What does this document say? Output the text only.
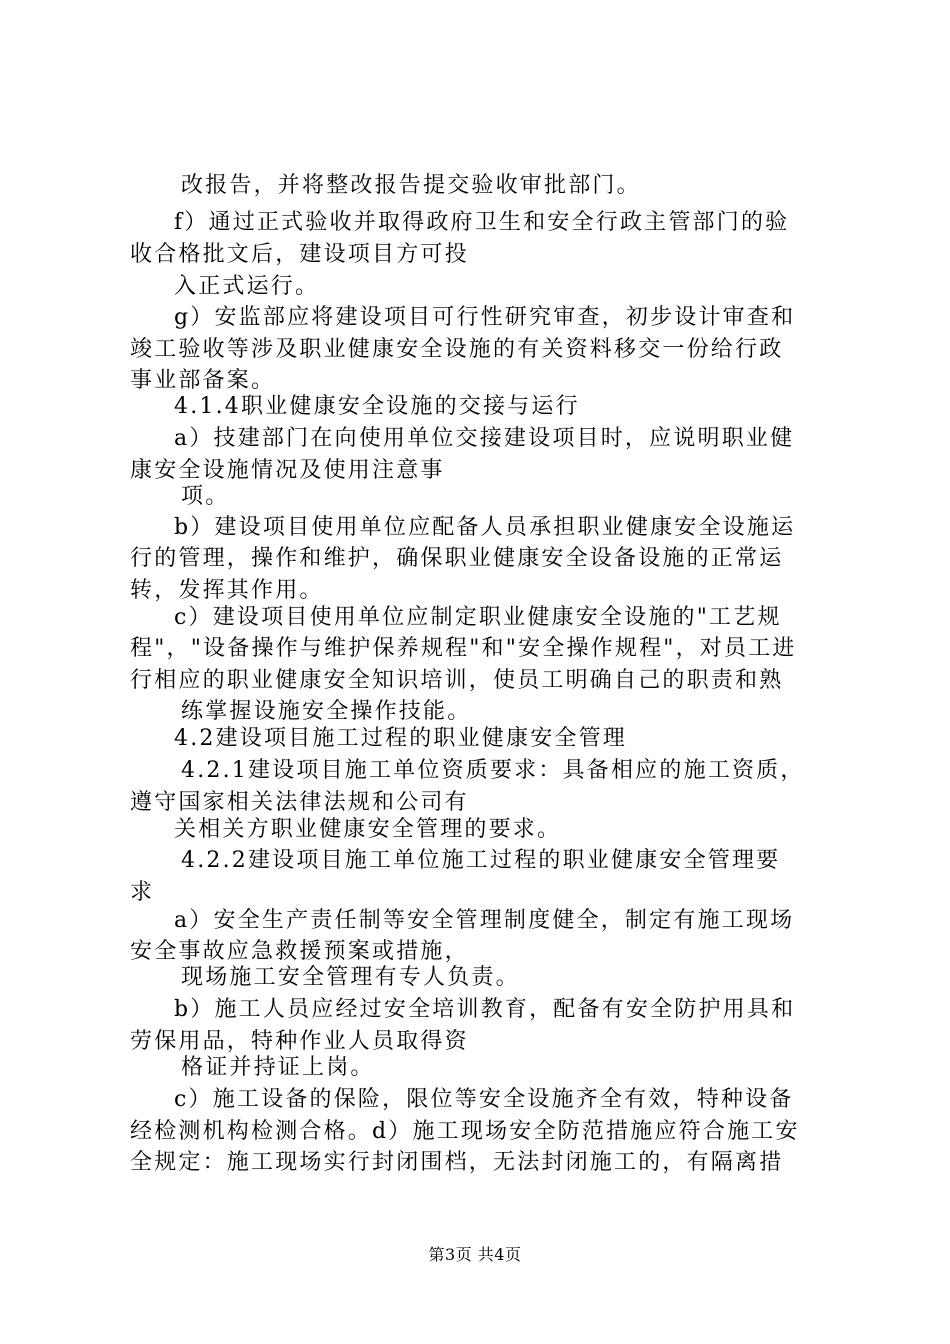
改报告，并将整改报告提交验收审批部门。
f）通过正式验收并取得政府卫生和安全行政主管部门的验
收合格批文后，建设项目方可投
入正式运行。
g）安监部应将建设项目可行性研究审查，初步设计审查和
竣工验收等涉及职业健康安全设施的有关资料移交一份给行政
事业部备案。
4.1.4职业健康安全设施的交接与运行
a）技建部门在向使用单位交接建设项目时，应说明职业健
康安全设施情况及使用注意事
项。
b）建设项目使用单位应配备人员承担职业健康安全设施运
行的管理，操作和维护，确保职业健康安全设备设施的正常运
转，发挥其作用。
c）建设项目使用单位应制定职业健康安全设施的"工艺规
程"，"设备操作与维护保养规程"和"安全操作规程"，对员工进
行相应的职业健康安全知识培训，使员工明确自己的职责和熟
练掌握设施安全操作技能。
4.2建设项目施工过程的职业健康安全管理
4.2.1建设项目施工单位资质要求：具备相应的施工资质，
遵守国家相关法律法规和公司有
关相关方职业健康安全管理的要求。
4.2.2建设项目施工单位施工过程的职业健康安全管理要
求
a）安全生产责任制等安全管理制度健全，制定有施工现场
安全事故应急救援预案或措施，
现场施工安全管理有专人负责。
b）施工人员应经过安全培训教育，配备有安全防护用具和
劳保用品，特种作业人员取得资
格证并持证上岗。
c）施工设备的保险，限位等安全设施齐全有效，特种设备
经检测机构检测合格。d）施工现场安全防范措施应符合施工安
全规定：施工现场实行封闭围档，无法封闭施工的，有隔离措
第3页 共4页
